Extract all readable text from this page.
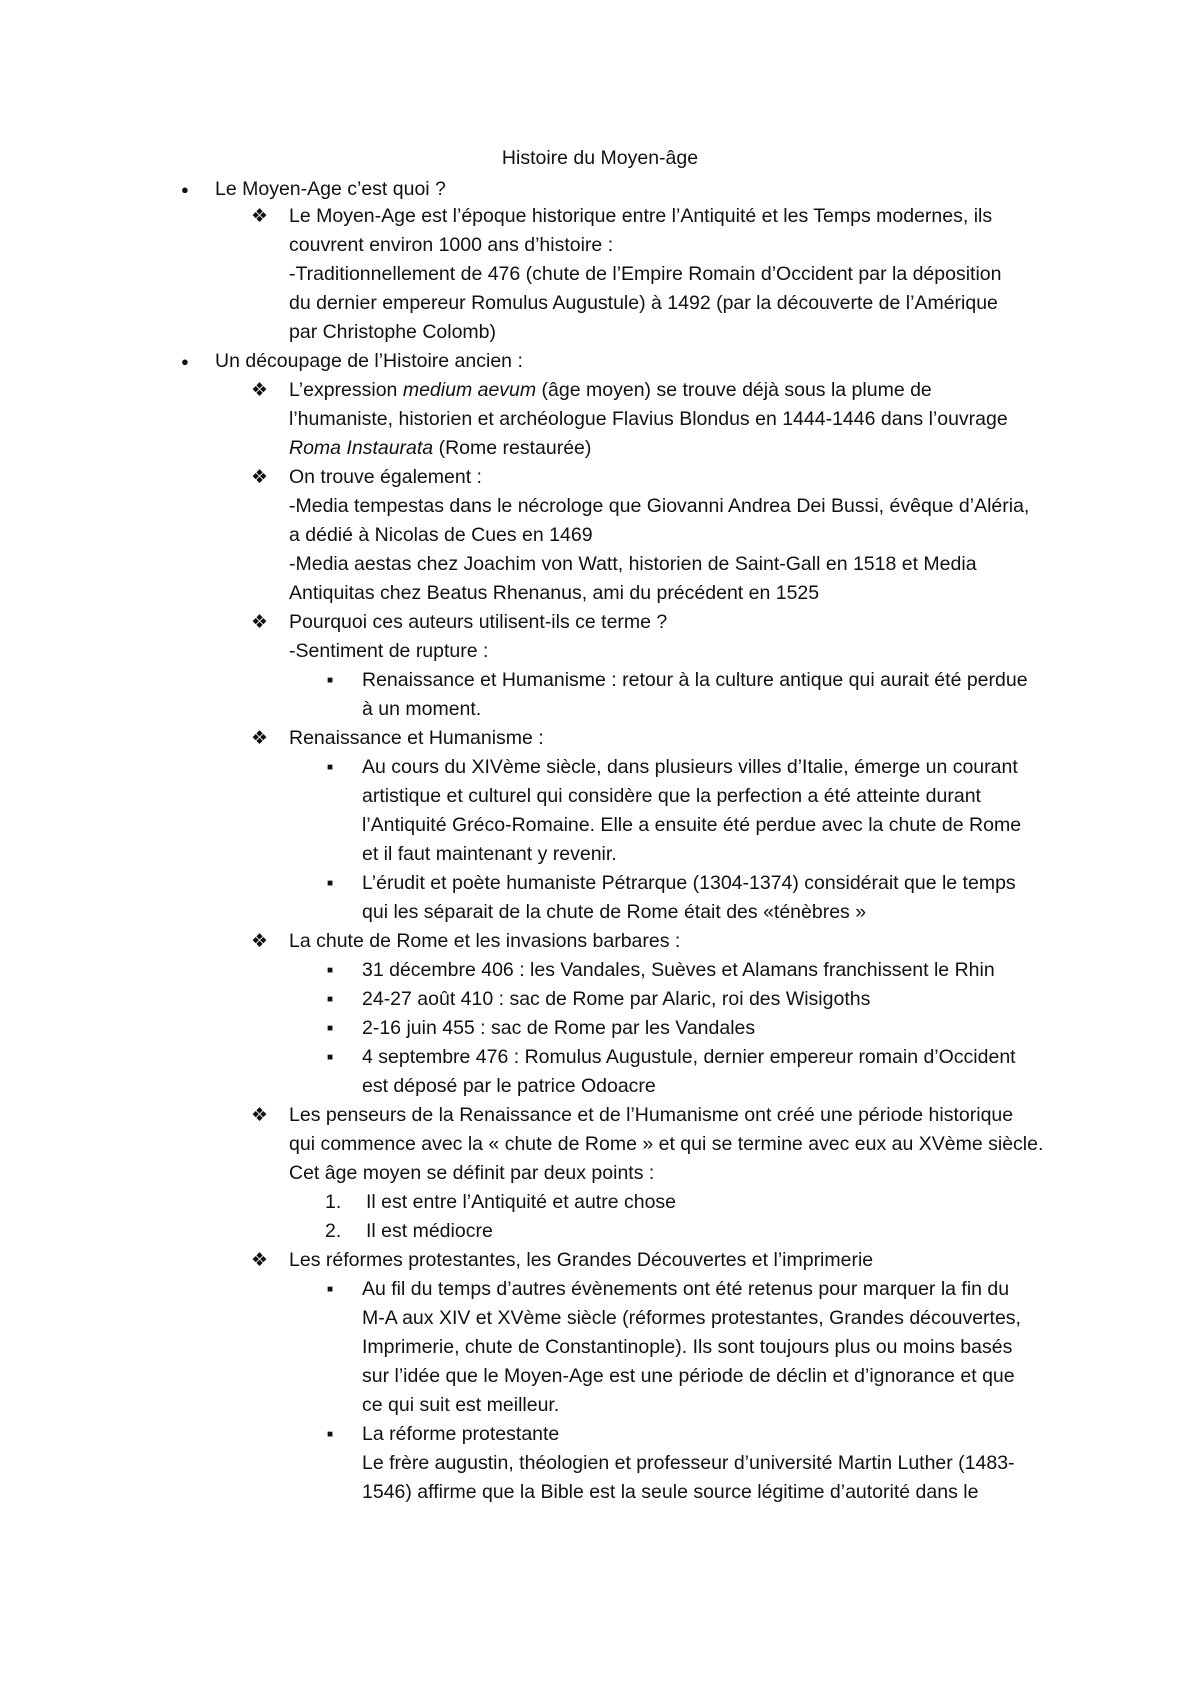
Histoire du Moyen-âge
● Le Moyen-Age c’est quoi ?
❖ Le Moyen-Age est l’époque historique entre l’Antiquité et les Temps modernes, ils
couvrent environ 1000 ans d’histoire :
-Traditionnellement de 476 (chute de l’Empire Romain d’Occident par la déposition
du dernier empereur Romulus Augustule) à 1492 (par la découverte de l’Amérique
par Christophe Colomb)
● Un découpage de l’Histoire ancien :
❖ L’expression medium aevum (âge moyen) se trouve déjà sous la plume de
l’humaniste, historien et archéologue Flavius Blondus en 1444-1446 dans l’ouvrage
Roma Instaurata (Rome restaurée)
❖ On trouve également :
-Media tempestas dans le nécrologe que Giovanni Andrea Dei Bussi, évêque d’Aléria,
a dédié à Nicolas de Cues en 1469
-Media aestas chez Joachim von Watt, historien de Saint-Gall en 1518 et Media
Antiquitas chez Beatus Rhenanus, ami du précédent en 1525
❖ Pourquoi ces auteurs utilisent-ils ce terme ?
-Sentiment de rupture :
■ Renaissance et Humanisme : retour à la culture antique qui aurait été perdue
à un moment.
❖ Renaissance et Humanisme :
■ Au cours du XIVème siècle, dans plusieurs villes d’Italie, émerge un courant
artistique et culturel qui considère que la perfection a été atteinte durant
l’Antiquité Gréco-Romaine. Elle a ensuite été perdue avec la chute de Rome
et il faut maintenant y revenir.
■ L’érudit et poète humaniste Pétrarque (1304-1374) considérait que le temps
qui les séparait de la chute de Rome était des «ténèbres »
❖ La chute de Rome et les invasions barbares :
■ 31 décembre 406 : les Vandales, Suèves et Alamans franchissent le Rhin
■ 24-27 août 410 : sac de Rome par Alaric, roi des Wisigoths
■ 2-16 juin 455 : sac de Rome par les Vandales
■ 4 septembre 476 : Romulus Augustule, dernier empereur romain d’Occident
est déposé par le patrice Odoacre
❖ Les penseurs de la Renaissance et de l’Humanisme ont créé une période historique
qui commence avec la « chute de Rome » et qui se termine avec eux au XVème siècle.
Cet âge moyen se définit par deux points :
1. Il est entre l’Antiquité et autre chose
2. Il est médiocre
❖ Les réformes protestantes, les Grandes Découvertes et l’imprimerie
■ Au fil du temps d’autres évènements ont été retenus pour marquer la fin du
M-A aux XIV et XVème siècle (réformes protestantes, Grandes découvertes,
Imprimerie, chute de Constantinople). Ils sont toujours plus ou moins basés
sur l’idée que le Moyen-Age est une période de déclin et d’ignorance et que
ce qui suit est meilleur.
■ La réforme protestante
Le frère augustin, théologien et professeur d’université Martin Luther (1483-
1546) affirme que la Bible est la seule source légitime d’autorité dans le
